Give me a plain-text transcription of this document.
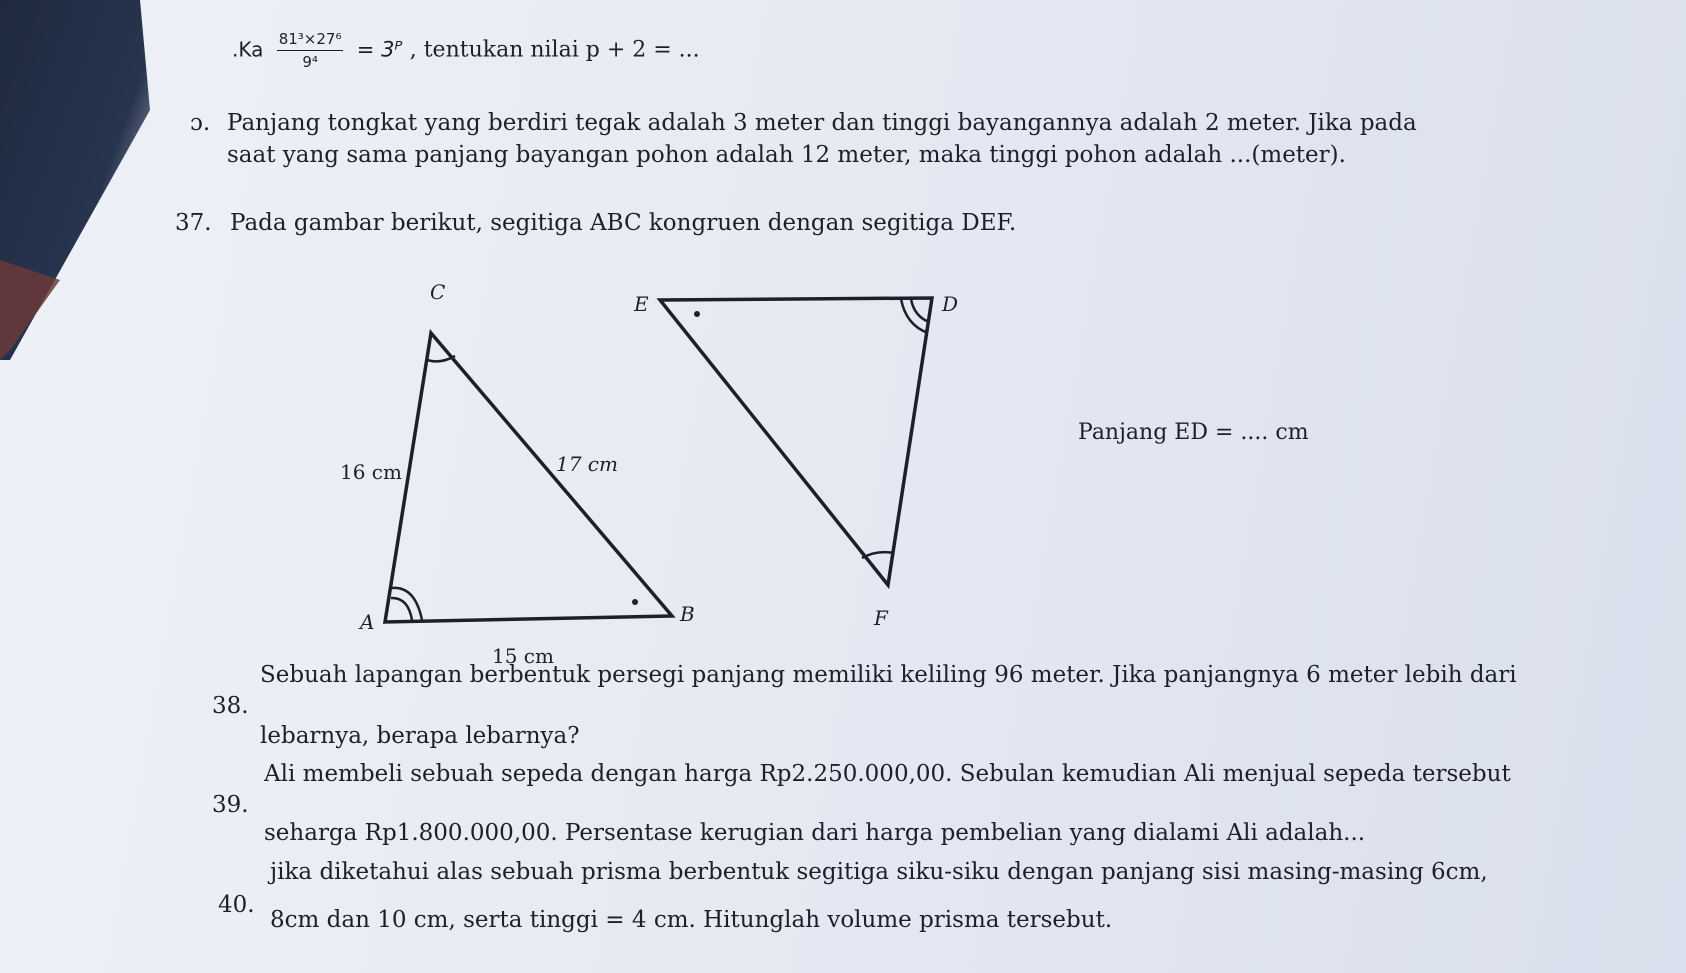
$.Ka \frac{\text{81³×27⁶}}{\text{9⁴}}$ = 3ᴾ , tentukan nilai p + 2 = ...
ɔ. Panjang tongkat yang berdiri tegak adalah 3 meter dan tinggi bayangannya adalah 2 meter. Jika pada
saat yang sama panjang bayangan pohon adalah 12 meter, maka tinggi pohon adalah ...(meter).
37. Pada gambar berikut, segitiga ABC kongruen dengan segitiga DEF.
C
A	B
16 cm	17 cm
15 cm
E	D
F
Panjang ED = .... cm
38.
Sebuah lapangan berbentuk persegi panjang memiliki keliling 96 meter. Jika panjangnya 6 meter lebih dari
lebarnya, berapa lebarnya?
39.
Ali membeli sebuah sepeda dengan harga Rp2.250.000,00. Sebulan kemudian Ali menjual sepeda tersebut
seharga Rp1.800.000,00. Persentase kerugian dari harga pembelian yang dialami Ali adalah...
40.
jika diketahui alas sebuah prisma berbentuk segitiga siku-siku dengan panjang sisi masing-masing 6cm,
8cm dan 10 cm, serta tinggi = 4 cm. Hitunglah volume prisma tersebut.
